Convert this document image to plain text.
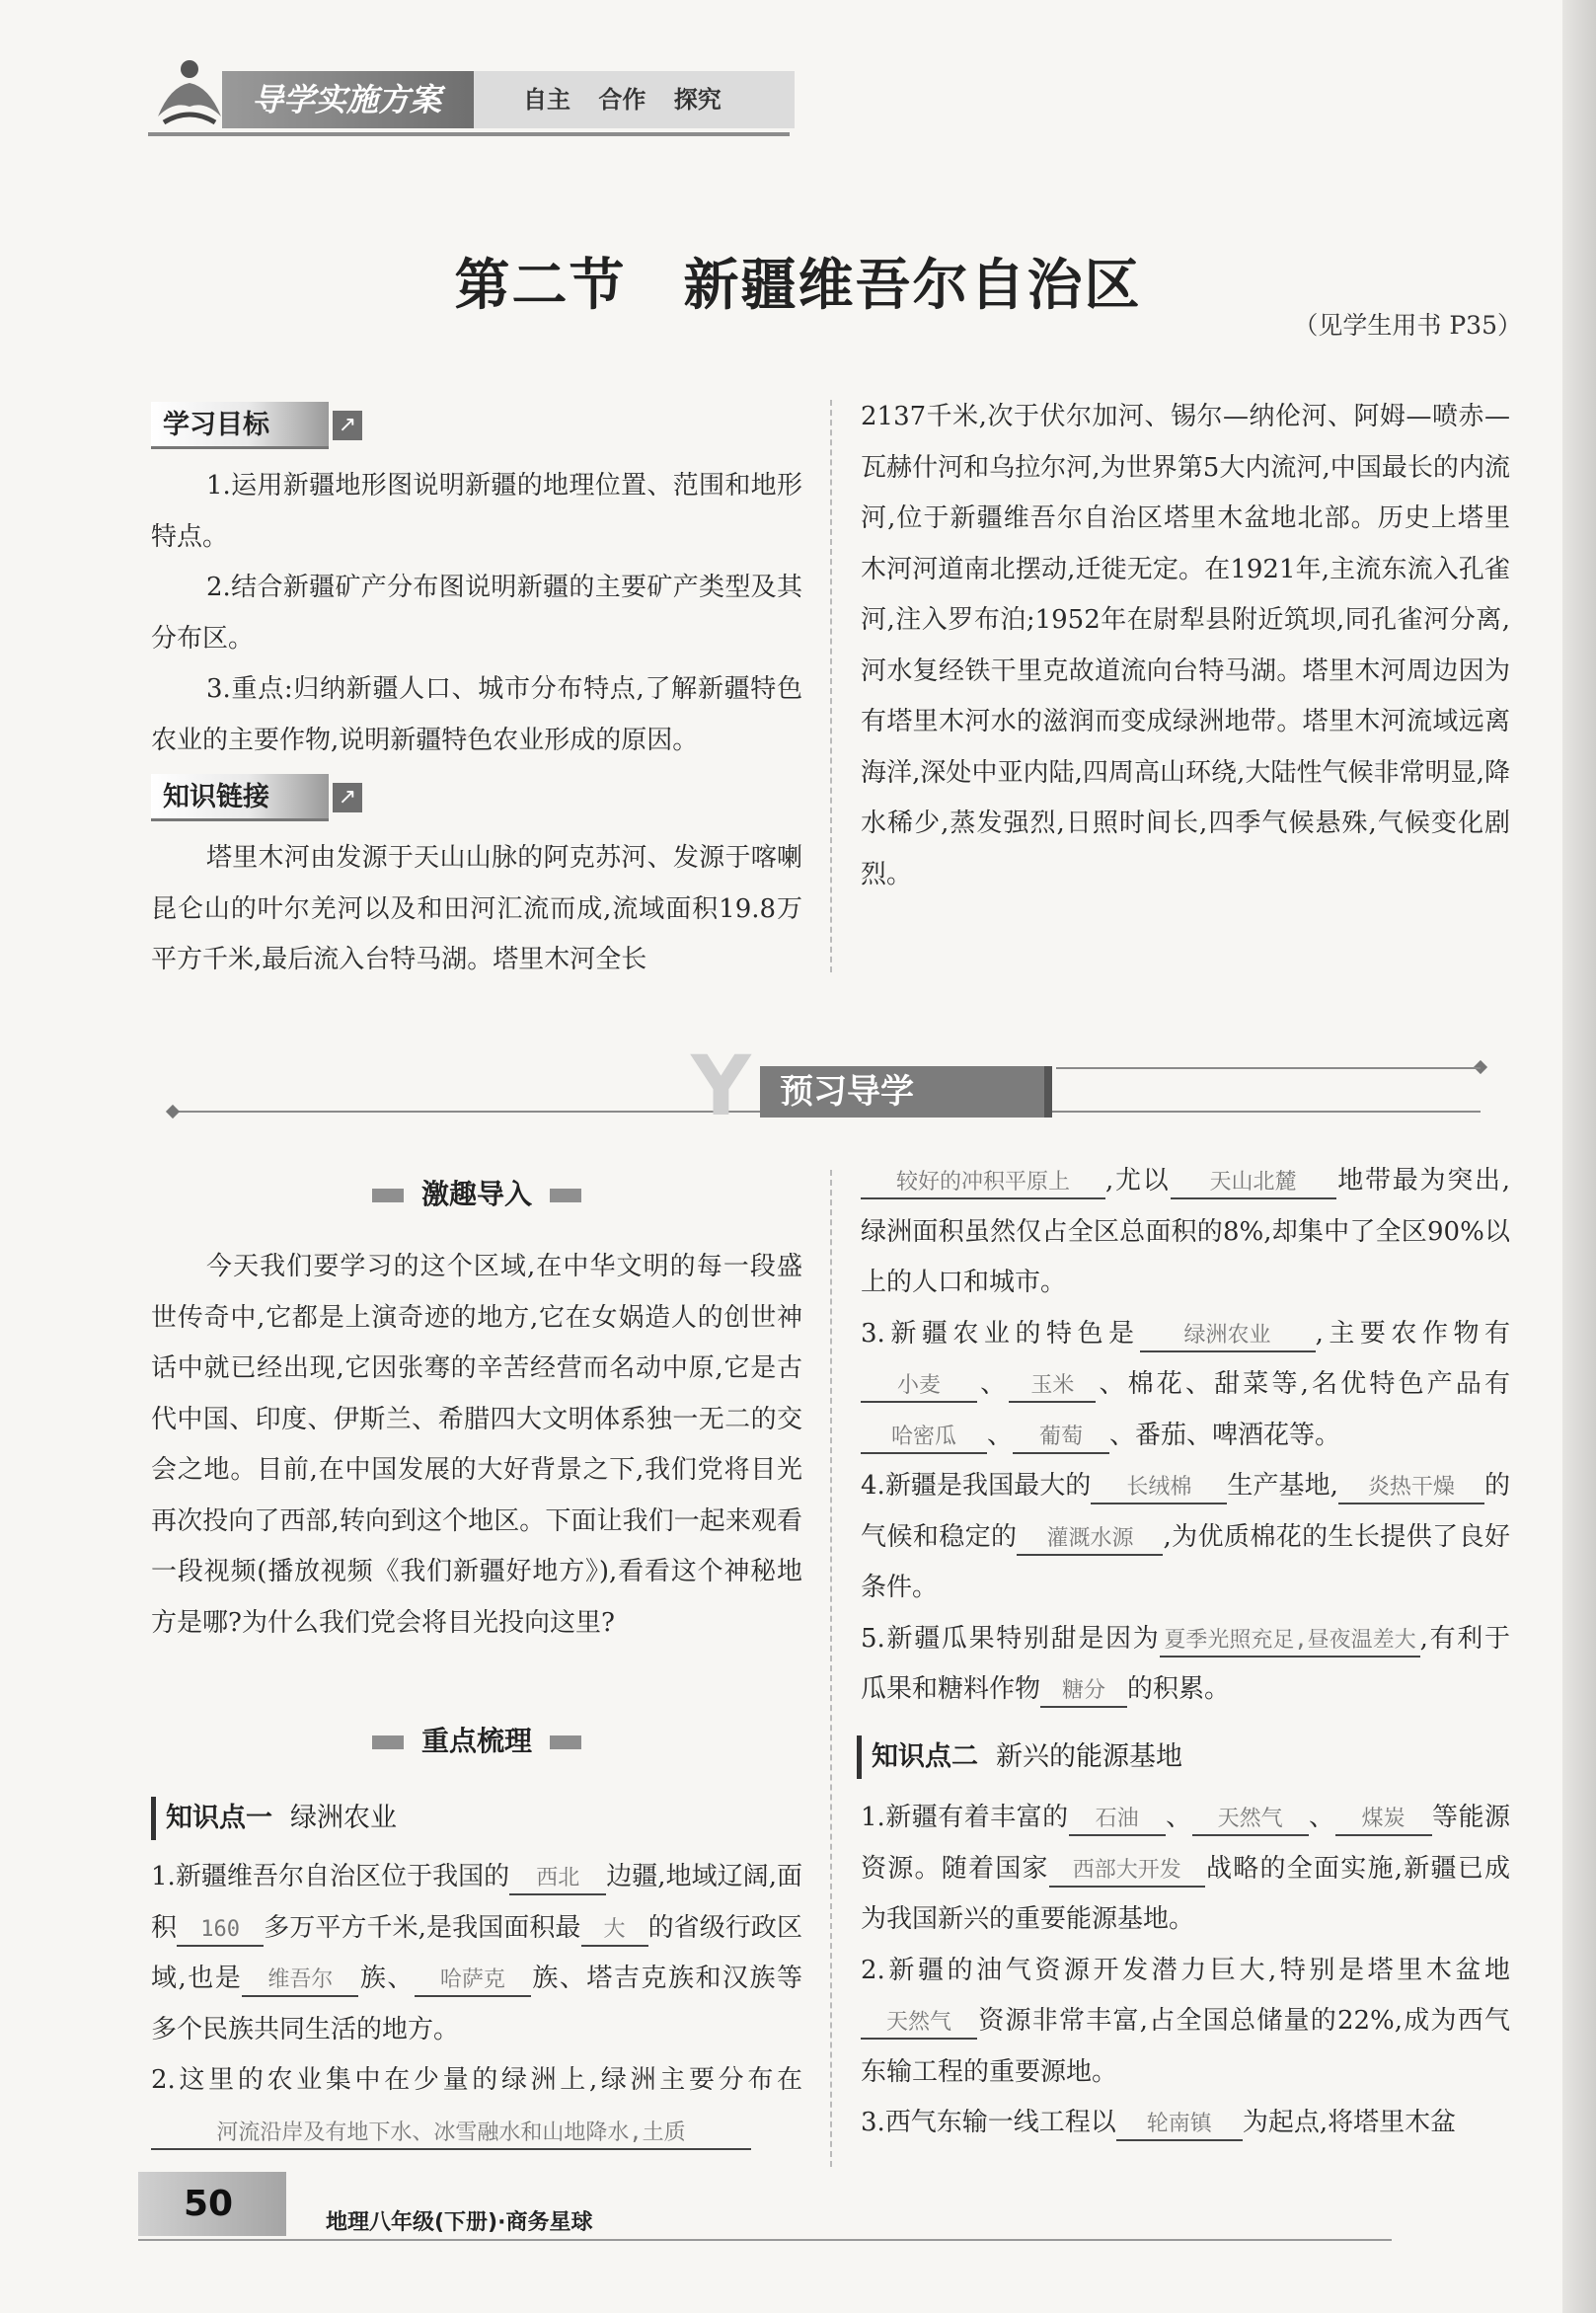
导学实施方案	自主 合作 探究
第二节　新疆维吾尔自治区
（见学生用书 P35）
学习目标	↗

1.运用新疆地形图说明新疆的地理位置、范围和地形特点。

2.结合新疆矿产分布图说明新疆的主要矿产类型及其分布区。

3.重点:归纳新疆人口、城市分布特点,了解新疆特色农业的主要作物,说明新疆特色农业形成的原因。

知识链接	↗

塔里木河由发源于天山山脉的阿克苏河、发源于喀喇昆仑山的叶尔羌河以及和田河汇流而成,流域面积19.8万平方千米,最后流入台特马湖。塔里木河全长

2137千米,次于伏尔加河、锡尔—纳伦河、阿姆—喷赤—瓦赫什河和乌拉尔河,为世界第5大内流河,中国最长的内流河,位于新疆维吾尔自治区塔里木盆地北部。历史上塔里木河河道南北摆动,迁徙无定。在1921年,主流东流入孔雀河,注入罗布泊;1952年在尉犁县附近筑坝,同孔雀河分离,河水复经铁干里克故道流向台特马湖。塔里木河周边因为有塔里木河水的滋润而变成绿洲地带。塔里木河流域远离海洋,深处中亚内陆,四周高山环绕,大陆性气候非常明显,降水稀少,蒸发强烈,日照时间长,四季气候悬殊,气候变化剧烈。

Y 预习导学
激趣导入

今天我们要学习的这个区域,在中华文明的每一段盛世传奇中,它都是上演奇迹的地方,它在女娲造人的创世神话中就已经出现,它因张骞的辛苦经营而名动中原,它是古代中国、印度、伊斯兰、希腊四大文明体系独一无二的交会之地。目前,在中国发展的大好背景之下,我们党将目光再次投向了西部,转向到这个地区。下面让我们一起来观看一段视频(播放视频《我们新疆好地方》),看看这个神秘地方是哪?为什么我们党会将目光投向这里?

重点梳理
知识点一 绿洲农业

1.新疆维吾尔自治区位于我国的 西北 边疆,地域辽阔,面积 160 多万平方千米,是我国面积最 大 的省级行政区域,也是 维吾尔 族、 哈萨克 族、塔吉克族和汉族等多个民族共同生活的地方。

2.这里的农业集中在少量的绿洲上,绿洲主要分布在河流沿岸及有地下水、冰雪融水和山地降水,土质

较好的冲积平原上 ,尤以 天山北麓 地带最为突出,绿洲面积虽然仅占全区总面积的8%,却集中了全区90%以上的人口和城市。

3.新疆农业的特色是 绿洲农业 ,主要农作物有小麦 、 玉米 、棉花、甜菜等,名优特色产品有哈密瓜 、 葡萄 、番茄、啤酒花等。

4.新疆是我国最大的 长绒棉 生产基地, 炎热干燥 的气候和稳定的 灌溉水源 ,为优质棉花的生长提供了良好条件。

5.新疆瓜果特别甜是因为 夏季光照充足,昼夜温差大 ,有利于瓜果和糖料作物 糖分 的积累。

知识点二 新兴的能源基地

1.新疆有着丰富的 石油 、 天然气 、 煤炭 等能源资源。随着国家 西部大开发 战略的全面实施,新疆已成为我国新兴的重要能源基地。

2.新疆的油气资源开发潜力巨大,特别是塔里木盆地天然气 资源非常丰富,占全国总储量的22%,成为西气东输工程的重要源地。

3.西气东输一线工程以 轮南镇 为起点,将塔里木盆

50	地理八年级(下册)·商务星球
